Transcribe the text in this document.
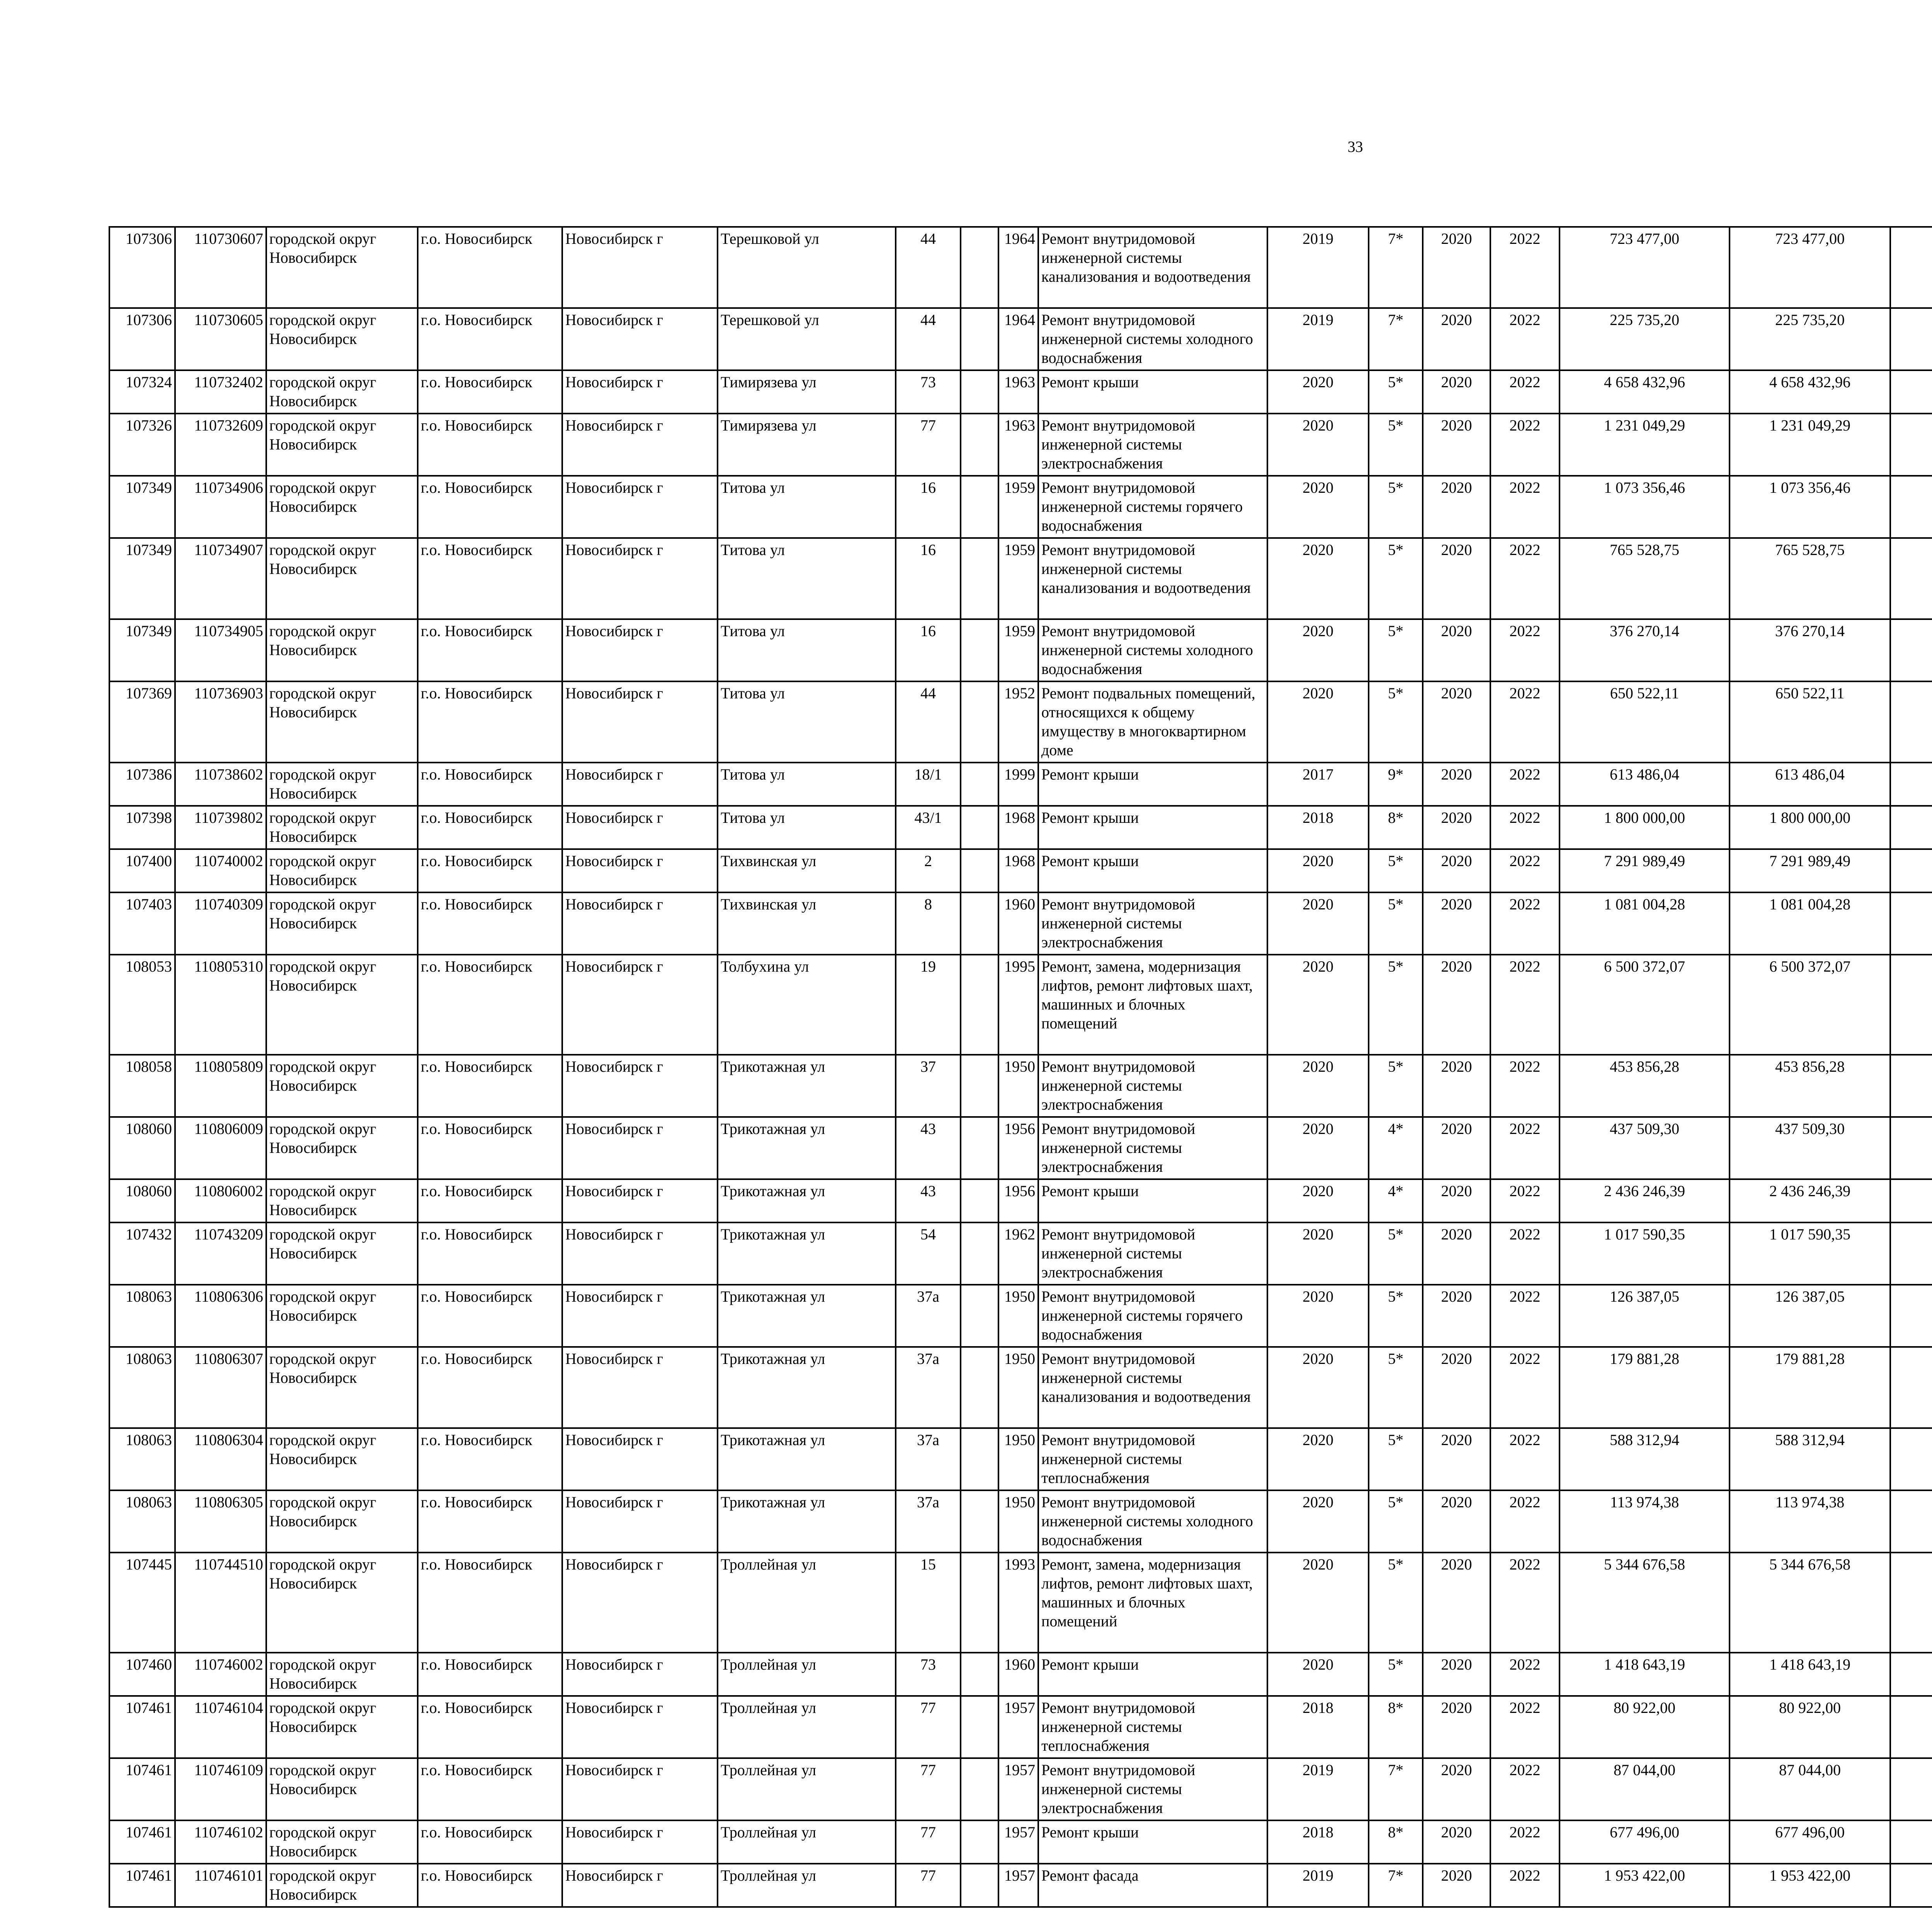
33
107306	110730607	городской округ Новосибирск	г.о. Новосибирск	Новосибирск г	Терешковой ул	44		1964	Ремонт внутридомовой инженерной системы канализования и водоотведения	2019	7*	2020	2022	723 477,00	723 477,00						
107306	110730605	городской округ Новосибирск	г.о. Новосибирск	Новосибирск г	Терешковой ул	44		1964	Ремонт внутридомовой инженерной системы холодного водоснабжения	2019	7*	2020	2022	225 735,20	225 735,20						
107324	110732402	городской округ Новосибирск	г.о. Новосибирск	Новосибирск г	Тимирязева ул	73		1963	Ремонт крыши	2020	5*	2020	2022	4 658 432,96	4 658 432,96						
107326	110732609	городской округ Новосибирск	г.о. Новосибирск	Новосибирск г	Тимирязева ул	77		1963	Ремонт внутридомовой инженерной системы электроснабжения	2020	5*	2020	2022	1 231 049,29	1 231 049,29						
107349	110734906	городской округ Новосибирск	г.о. Новосибирск	Новосибирск г	Титова ул	16		1959	Ремонт внутридомовой инженерной системы горячего водоснабжения	2020	5*	2020	2022	1 073 356,46	1 073 356,46						
107349	110734907	городской округ Новосибирск	г.о. Новосибирск	Новосибирск г	Титова ул	16		1959	Ремонт внутридомовой инженерной системы канализования и водоотведения	2020	5*	2020	2022	765 528,75	765 528,75						
107349	110734905	городской округ Новосибирск	г.о. Новосибирск	Новосибирск г	Титова ул	16		1959	Ремонт внутридомовой инженерной системы холодного водоснабжения	2020	5*	2020	2022	376 270,14	376 270,14						
107369	110736903	городской округ Новосибирск	г.о. Новосибирск	Новосибирск г	Титова ул	44		1952	Ремонт подвальных помещений, относящихся к общему имуществу в многоквартирном доме	2020	5*	2020	2022	650 522,11	650 522,11						
107386	110738602	городской округ Новосибирск	г.о. Новосибирск	Новосибирск г	Титова ул	18/1		1999	Ремонт крыши	2017	9*	2020	2022	613 486,04	613 486,04						
107398	110739802	городской округ Новосибирск	г.о. Новосибирск	Новосибирск г	Титова ул	43/1		1968	Ремонт крыши	2018	8*	2020	2022	1 800 000,00	1 800 000,00						
107400	110740002	городской округ Новосибирск	г.о. Новосибирск	Новосибирск г	Тихвинская ул	2		1968	Ремонт крыши	2020	5*	2020	2022	7 291 989,49	7 291 989,49						
107403	110740309	городской округ Новосибирск	г.о. Новосибирск	Новосибирск г	Тихвинская ул	8		1960	Ремонт внутридомовой инженерной системы электроснабжения	2020	5*	2020	2022	1 081 004,28	1 081 004,28						
108053	110805310	городской округ Новосибирск	г.о. Новосибирск	Новосибирск г	Толбухина ул	19		1995	Ремонт, замена, модернизация лифтов, ремонт лифтовых шахт, машинных и блочных помещений	2020	5*	2020	2022	6 500 372,07	6 500 372,07						
108058	110805809	городской округ Новосибирск	г.о. Новосибирск	Новосибирск г	Трикотажная ул	37		1950	Ремонт внутридомовой инженерной системы электроснабжения	2020	5*	2020	2022	453 856,28	453 856,28						
108060	110806009	городской округ Новосибирск	г.о. Новосибирск	Новосибирск г	Трикотажная ул	43		1956	Ремонт внутридомовой инженерной системы электроснабжения	2020	4*	2020	2022	437 509,30	437 509,30						
108060	110806002	городской округ Новосибирск	г.о. Новосибирск	Новосибирск г	Трикотажная ул	43		1956	Ремонт крыши	2020	4*	2020	2022	2 436 246,39	2 436 246,39						
107432	110743209	городской округ Новосибирск	г.о. Новосибирск	Новосибирск г	Трикотажная ул	54		1962	Ремонт внутридомовой инженерной системы электроснабжения	2020	5*	2020	2022	1 017 590,35	1 017 590,35						
108063	110806306	городской округ Новосибирск	г.о. Новосибирск	Новосибирск г	Трикотажная ул	37а		1950	Ремонт внутридомовой инженерной системы горячего водоснабжения	2020	5*	2020	2022	126 387,05	126 387,05						
108063	110806307	городской округ Новосибирск	г.о. Новосибирск	Новосибирск г	Трикотажная ул	37а		1950	Ремонт внутридомовой инженерной системы канализования и водоотведения	2020	5*	2020	2022	179 881,28	179 881,28						
108063	110806304	городской округ Новосибирск	г.о. Новосибирск	Новосибирск г	Трикотажная ул	37а		1950	Ремонт внутридомовой инженерной системы теплоснабжения	2020	5*	2020	2022	588 312,94	588 312,94						
108063	110806305	городской округ Новосибирск	г.о. Новосибирск	Новосибирск г	Трикотажная ул	37а		1950	Ремонт внутридомовой инженерной системы холодного водоснабжения	2020	5*	2020	2022	113 974,38	113 974,38						
107445	110744510	городской округ Новосибирск	г.о. Новосибирск	Новосибирск г	Троллейная ул	15		1993	Ремонт, замена, модернизация лифтов, ремонт лифтовых шахт, машинных и блочных помещений	2020	5*	2020	2022	5 344 676,58	5 344 676,58						
107460	110746002	городской округ Новосибирск	г.о. Новосибирск	Новосибирск г	Троллейная ул	73		1960	Ремонт крыши	2020	5*	2020	2022	1 418 643,19	1 418 643,19						
107461	110746104	городской округ Новосибирск	г.о. Новосибирск	Новосибирск г	Троллейная ул	77		1957	Ремонт внутридомовой инженерной системы теплоснабжения	2018	8*	2020	2022	80 922,00	80 922,00						
107461	110746109	городской округ Новосибирск	г.о. Новосибирск	Новосибирск г	Троллейная ул	77		1957	Ремонт внутридомовой инженерной системы электроснабжения	2019	7*	2020	2022	87 044,00	87 044,00						
107461	110746102	городской округ Новосибирск	г.о. Новосибирск	Новосибирск г	Троллейная ул	77		1957	Ремонт крыши	2018	8*	2020	2022	677 496,00	677 496,00						
107461	110746101	городской округ Новосибирск	г.о. Новосибирск	Новосибирск г	Троллейная ул	77		1957	Ремонт фасада	2019	7*	2020	2022	1 953 422,00	1 953 422,00						
